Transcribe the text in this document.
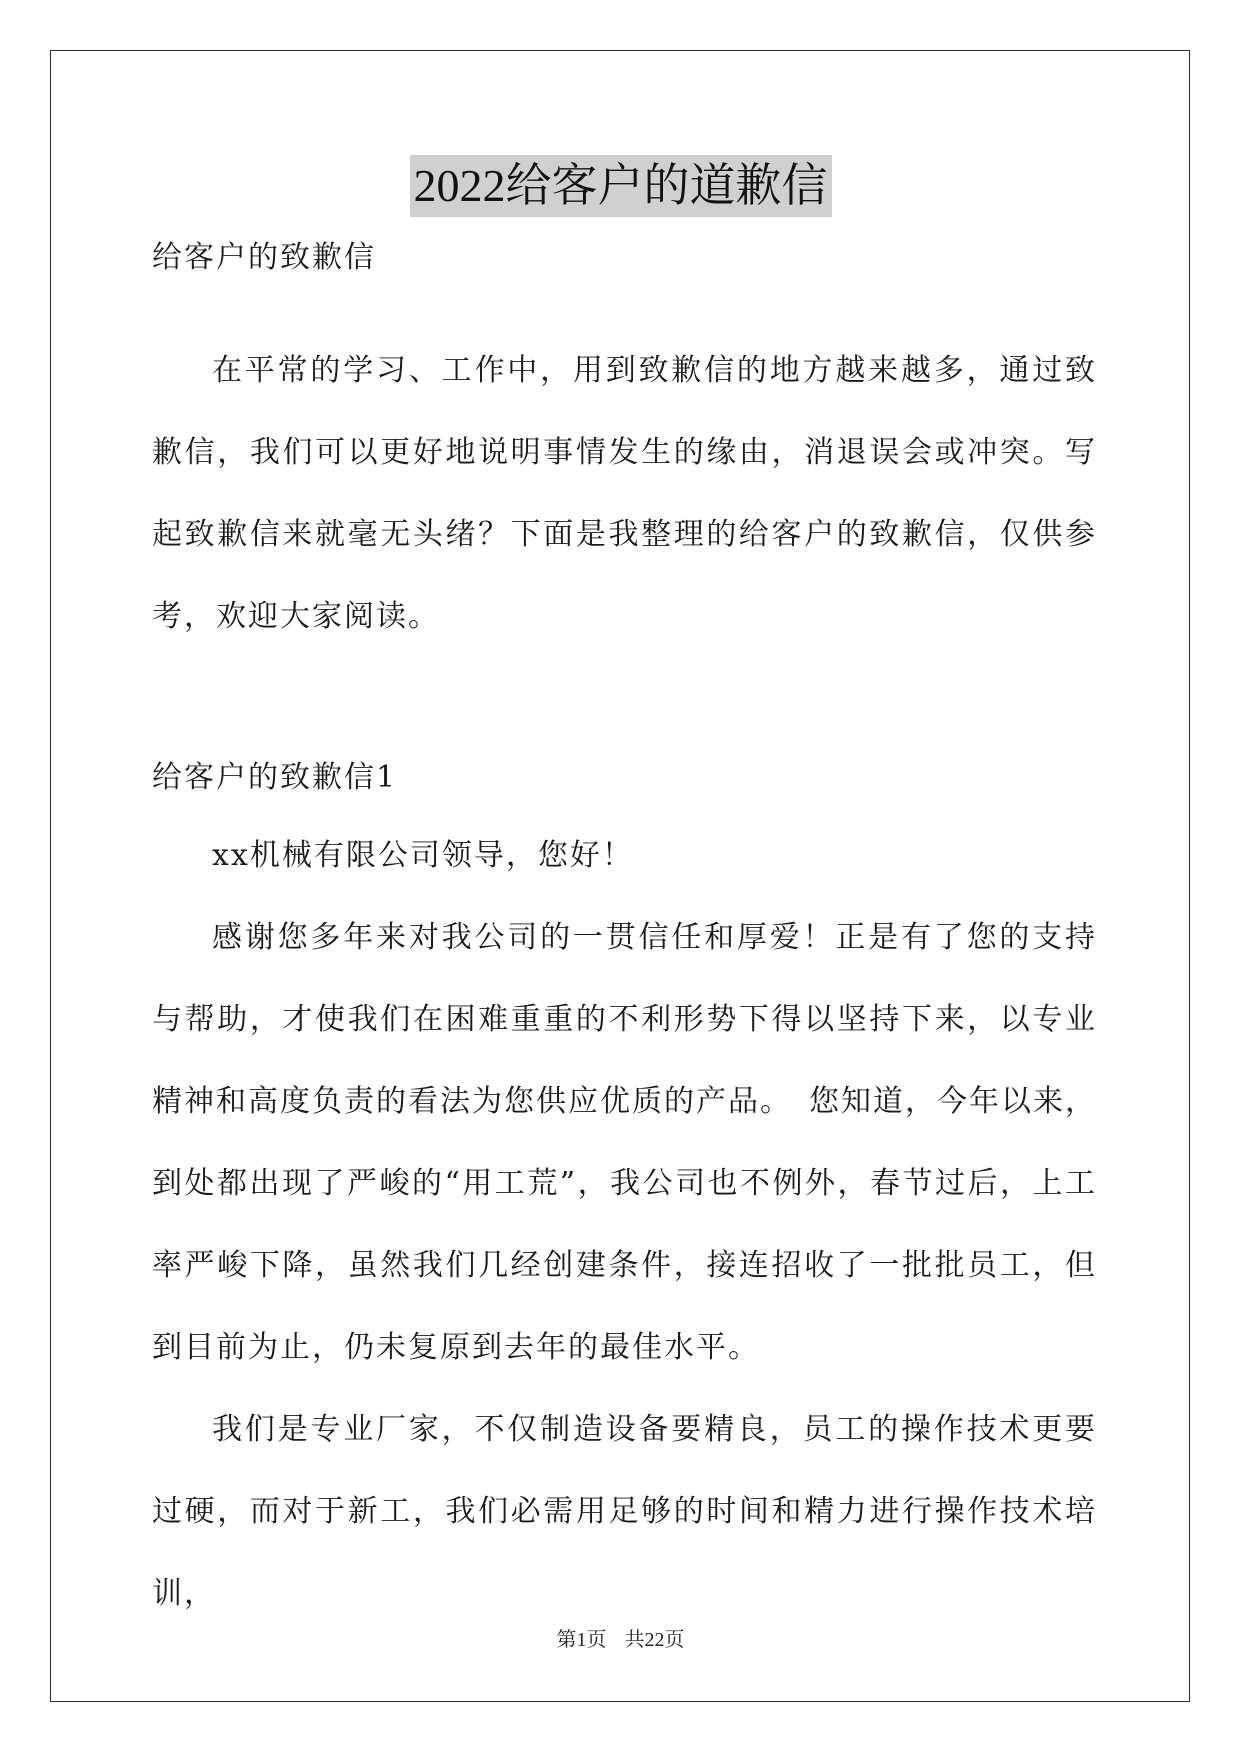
2022给客户的道歉信

给客户的致歉信

在平常的学习、工作中，用到致歉信的地方越来越多，通过致歉信，我们可以更好地说明事情发生的缘由，消退误会或冲突。写起致歉信来就毫无头绪？下面是我整理的给客户的致歉信，仅供参考，欢迎大家阅读。

给客户的致歉信1

xx机械有限公司领导，您好！

感谢您多年来对我公司的一贯信任和厚爱！正是有了您的支持与帮助，才使我们在困难重重的不利形势下得以坚持下来，以专业精神和高度负责的看法为您供应优质的产品。　您知道，今年以来，到处都出现了严峻的“用工荒”，我公司也不例外，春节过后，上工率严峻下降，虽然我们几经创建条件，接连招收了一批批员工，但到目前为止，仍未复原到去年的最佳水平。

我们是专业厂家，不仅制造设备要精良，员工的操作技术更要过硬，而对于新工，我们必需用足够的时间和精力进行操作技术培训，

第1页 共22页
